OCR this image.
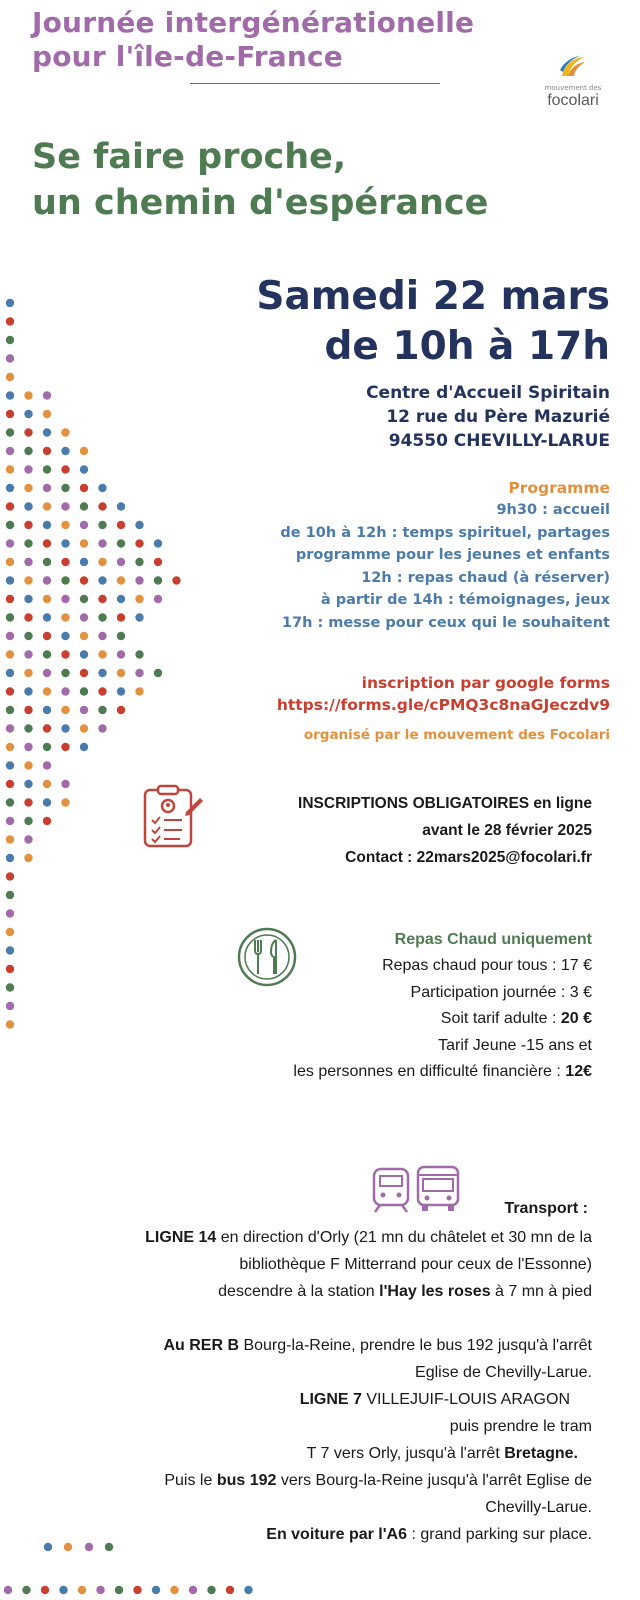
Journée intergénérationelle
pour l'île-de-France
mouvement des
focolari
Se faire proche,
un chemin d'espérance
Samedi 22 mars
de 10h à 17h
Centre d'Accueil Spiritain
12 rue du Père Mazurié
94550 CHEVILLY-LARUE
Programme
9h30 : accueil
de 10h à 12h : temps spirituel, partages
programme pour les jeunes et enfants
12h : repas chaud (à réserver)
à partir de 14h : témoignages, jeux
17h : messe pour ceux qui le souhaitent
inscription par google forms
https://forms.gle/cPMQ3c8naGJeczdv9
organisé par le mouvement des Focolari
INSCRIPTIONS OBLIGATOIRES en ligne
avant le 28 février 2025
Contact : 22mars2025@focolari.fr
Repas Chaud uniquement
Repas chaud pour tous : 17 €
Participation journée : 3 €
Soit tarif adulte : 20 €
Tarif Jeune -15 ans et
les personnes en difficulté financière : 12€
Transport :

LIGNE 14 en direction d'Orly (21 mn du châtelet et 30 mn de la

bibliothèque F Mitterrand pour ceux de l'Essonne)

descendre à la station l'Hay les roses à 7 mn à pied

Au RER B Bourg-la-Reine, prendre le bus 192 jusqu'à l'arrêt

Eglise de Chevilly-Larue.

LIGNE 7 VILLEJUIF-LOUIS ARAGON

puis prendre le tram

T 7 vers Orly, jusqu'à l'arrêt Bretagne.

Puis le bus 192 vers Bourg-la-Reine jusqu'à l'arrêt Eglise de

Chevilly-Larue.

En voiture par l'A6 : grand parking sur place.
